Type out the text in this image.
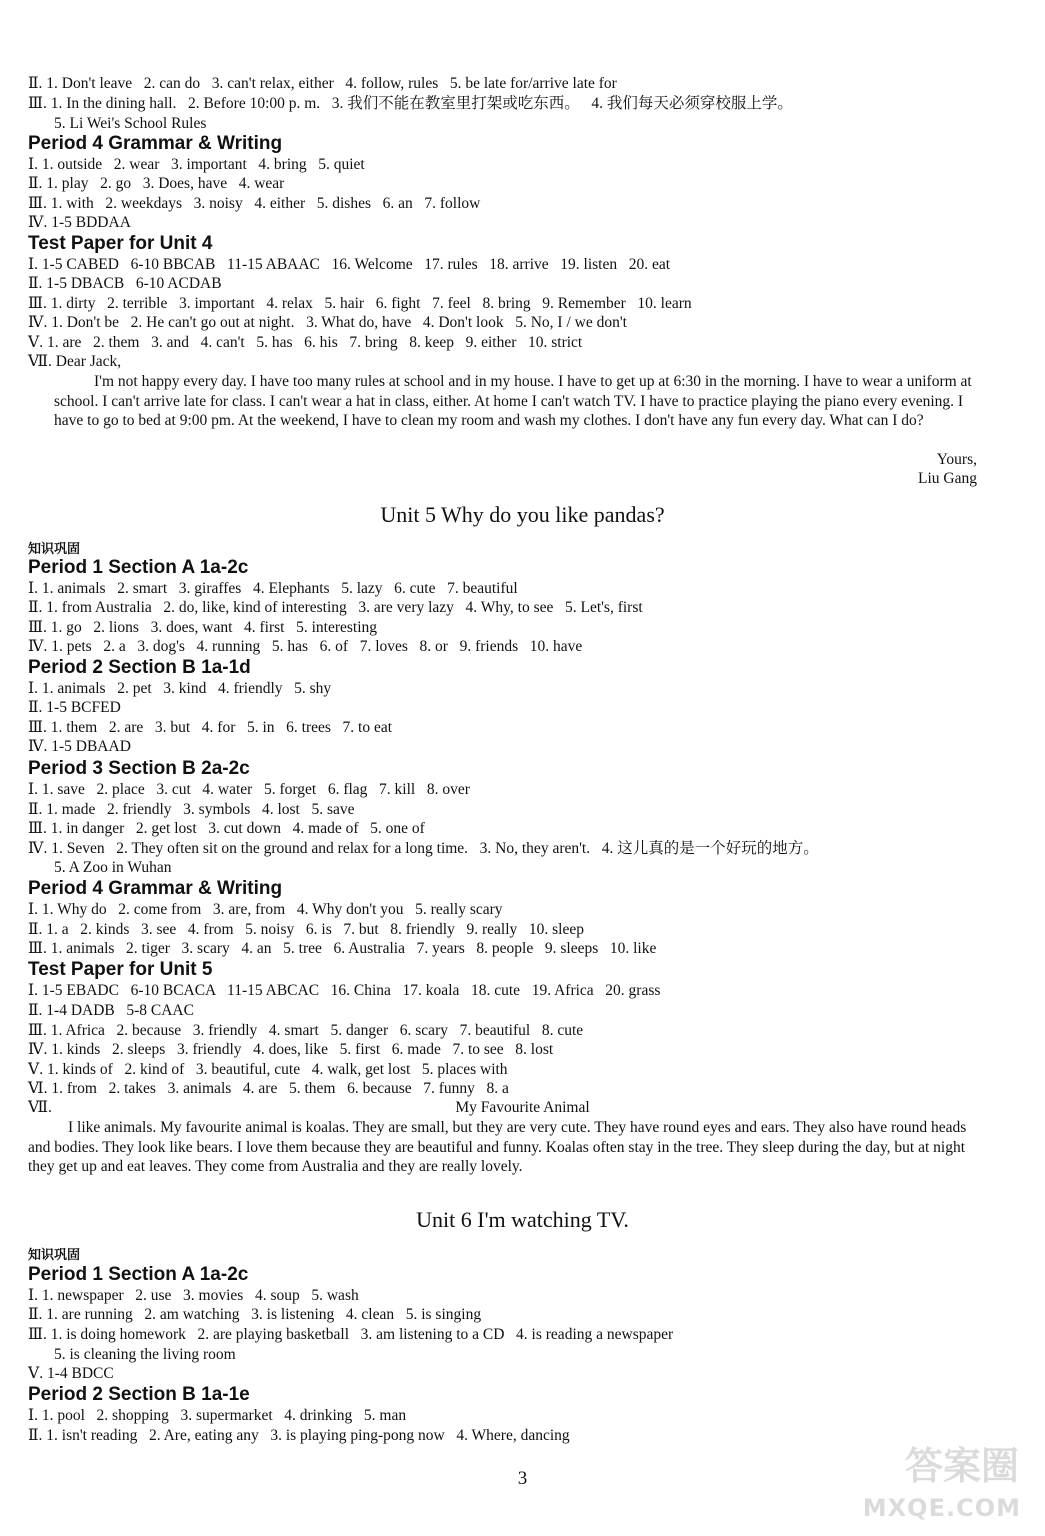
Ⅱ. 1. Don't leave   2. can do   3. can't relax, either   4. follow, rules   5. be late for/arrive late for
Ⅲ. 1. In the dining hall.   2. Before 10:00 p. m.   3. 我们不能在教室里打架或吃东西。   4. 我们每天必须穿校服上学。
5. Li Wei's School Rules
Period 4 Grammar & Writing
Ⅰ. 1. outside   2. wear   3. important   4. bring   5. quiet
Ⅱ. 1. play   2. go   3. Does, have   4. wear
Ⅲ. 1. with   2. weekdays   3. noisy   4. either   5. dishes   6. an   7. follow
Ⅳ. 1-5 BDDAA
Test Paper for Unit 4
Ⅰ. 1-5 CABED   6-10 BBCAB   11-15 ABAAC   16. Welcome   17. rules   18. arrive   19. listen   20. eat
Ⅱ. 1-5 DBACB   6-10 ACDAB
Ⅲ. 1. dirty   2. terrible   3. important   4. relax   5. hair   6. fight   7. feel   8. bring   9. Remember   10. learn
Ⅳ. 1. Don't be   2. He can't go out at night.   3. What do, have   4. Don't look   5. No, I / we don't
Ⅴ. 1. are   2. them   3. and   4. can't   5. has   6. his   7. bring   8. keep   9. either   10. strict
Ⅶ. Dear Jack,
I'm not happy every day. I have too many rules at school and in my house. I have to get up at 6:30 in the morning. I have to wear a uniform at school. I can't arrive late for class. I can't wear a hat in class, either. At home I can't watch TV. I have to practice playing the piano every evening. I have to go to bed at 9:00 pm. At the weekend, I have to clean my room and wash my clothes. I don't have any fun every day. What can I do?
Yours,
Liu Gang
Unit 5 Why do you like pandas?
知识巩固
Period 1 Section A 1a-2c
Ⅰ. 1. animals   2. smart   3. giraffes   4. Elephants   5. lazy   6. cute   7. beautiful
Ⅱ. 1. from Australia   2. do, like, kind of interesting   3. are very lazy   4. Why, to see   5. Let's, first
Ⅲ. 1. go   2. lions   3. does, want   4. first   5. interesting
Ⅳ. 1. pets   2. a   3. dog's   4. running   5. has   6. of   7. loves   8. or   9. friends   10. have
Period 2 Section B 1a-1d
Ⅰ. 1. animals   2. pet   3. kind   4. friendly   5. shy
Ⅱ. 1-5 BCFED
Ⅲ. 1. them   2. are   3. but   4. for   5. in   6. trees   7. to eat
Ⅳ. 1-5 DBAAD
Period 3 Section B 2a-2c
Ⅰ. 1. save   2. place   3. cut   4. water   5. forget   6. flag   7. kill   8. over
Ⅱ. 1. made   2. friendly   3. symbols   4. lost   5. save
Ⅲ. 1. in danger   2. get lost   3. cut down   4. made of   5. one of
Ⅳ. 1. Seven   2. They often sit on the ground and relax for a long time.   3. No, they aren't.   4. 这儿真的是一个好玩的地方。
5. A Zoo in Wuhan
Period 4 Grammar & Writing
Ⅰ. 1. Why do   2. come from   3. are, from   4. Why don't you   5. really scary
Ⅱ. 1. a   2. kinds   3. see   4. from   5. noisy   6. is   7. but   8. friendly   9. really   10. sleep
Ⅲ. 1. animals   2. tiger   3. scary   4. an   5. tree   6. Australia   7. years   8. people   9. sleeps   10. like
Test Paper for Unit 5
Ⅰ. 1-5 EBADC   6-10 BCACA   11-15 ABCAC   16. China   17. koala   18. cute   19. Africa   20. grass
Ⅱ. 1-4 DADB   5-8 CAAC
Ⅲ. 1. Africa   2. because   3. friendly   4. smart   5. danger   6. scary   7. beautiful   8. cute
Ⅳ. 1. kinds   2. sleeps   3. friendly   4. does, like   5. first   6. made   7. to see   8. lost
Ⅴ. 1. kinds of   2. kind of   3. beautiful, cute   4. walk, get lost   5. places with
Ⅵ. 1. from   2. takes   3. animals   4. are   5. them   6. because   7. funny   8. a
Ⅶ.	My Favourite Animal
I like animals. My favourite animal is koalas. They are small, but they are very cute. They have round eyes and ears. They also have round heads and bodies. They look like bears. I love them because they are beautiful and funny. Koalas often stay in the tree. They sleep during the day, but at night they get up and eat leaves. They come from Australia and they are really lovely.
Unit 6 I'm watching TV.
知识巩固
Period 1 Section A 1a-2c
Ⅰ. 1. newspaper   2. use   3. movies   4. soup   5. wash
Ⅱ. 1. are running   2. am watching   3. is listening   4. clean   5. is singing
Ⅲ. 1. is doing homework   2. are playing basketball   3. am listening to a CD   4. is reading a newspaper
5. is cleaning the living room
Ⅴ. 1-4 BDCC
Period 2 Section B 1a-1e
Ⅰ. 1. pool   2. shopping   3. supermarket   4. drinking   5. man
Ⅱ. 1. isn't reading   2. Are, eating any   3. is playing ping-pong now   4. Where, dancing
3	答案圈
MXQE.COM
